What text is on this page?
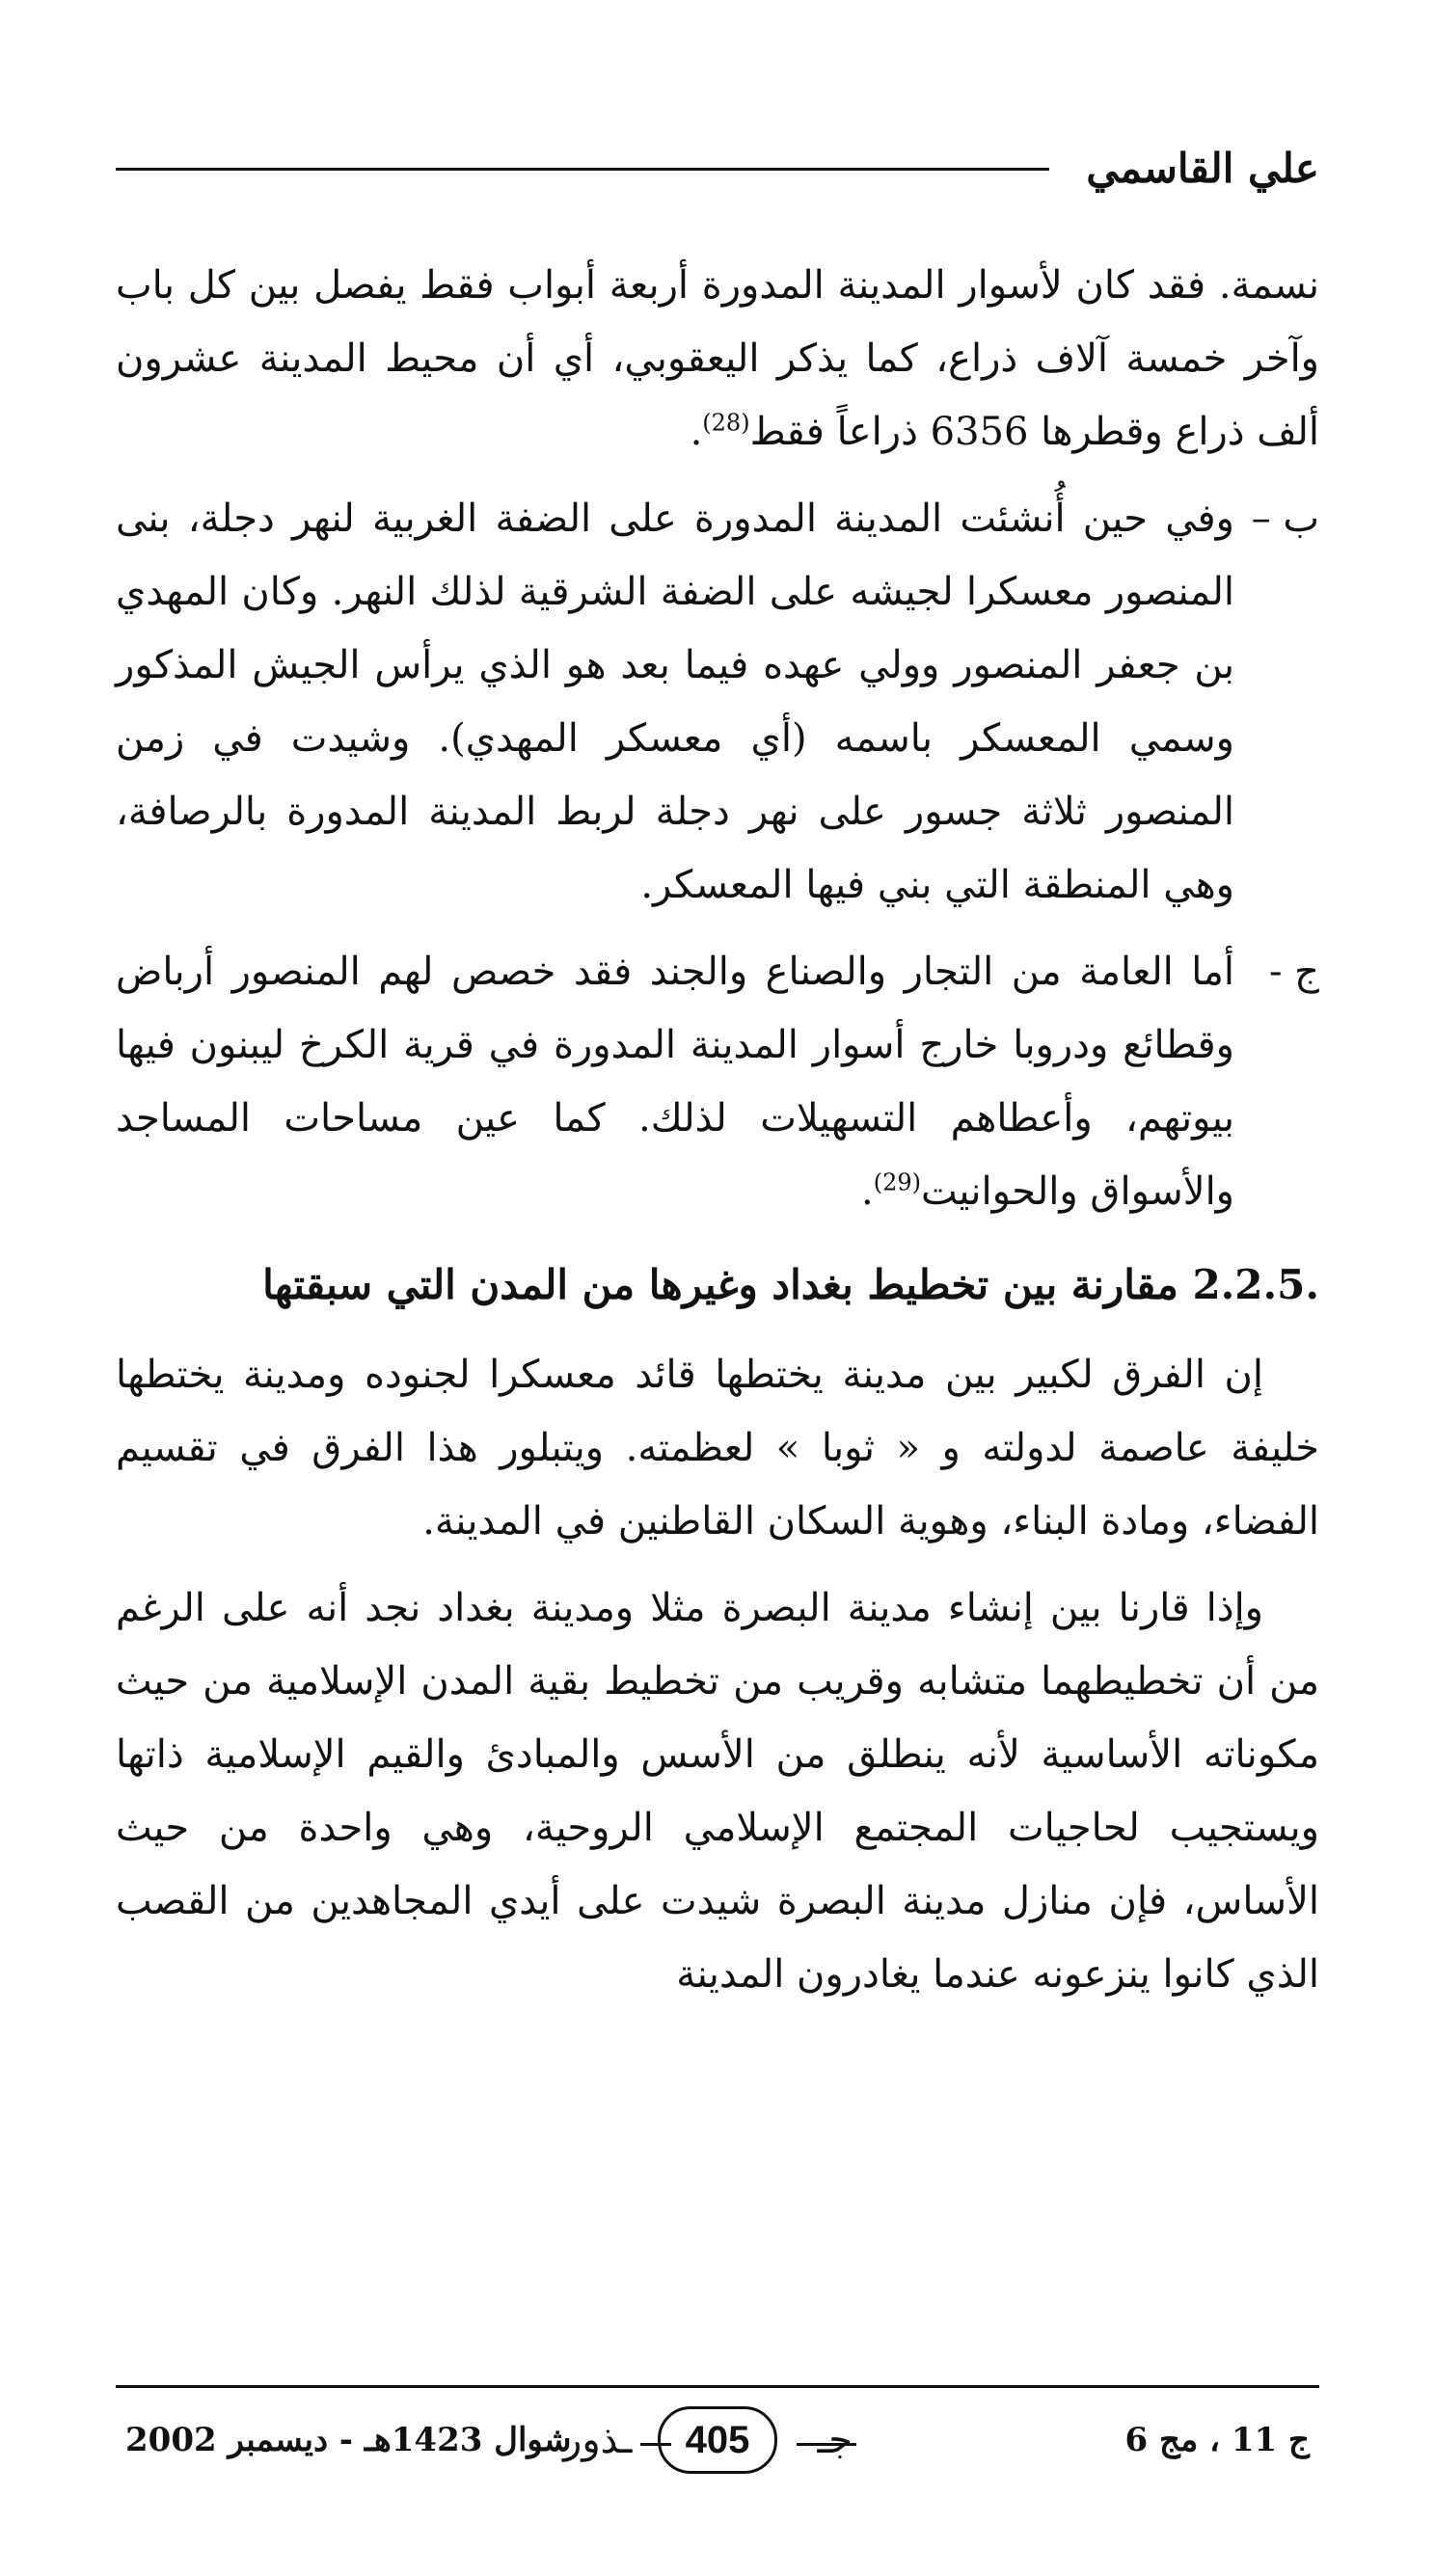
علي القاسمي

نسمة. فقد كان لأسوار المدينة المدورة أربعة أبواب فقط يفصل بين كل باب وآخر خمسة آلاف ذراع، كما يذكر اليعقوبي، أي أن محيط المدينة عشرون ألف ذراع وقطرها 6356 ذراعاً فقط$^{(28)}$.

ب –
وفي حين أُنشئت المدينة المدورة على الضفة الغربية لنهر دجلة، بنى المنصور معسكرا لجيشه على الضفة الشرقية لذلك النهر. وكان المهدي بن جعفر المنصور وولي عهده فيما بعد هو الذي يرأس الجيش المذكور وسمي المعسكر باسمه (أي معسكر المهدي). وشيدت في زمن المنصور ثلاثة جسور على نهر دجلة لربط المدينة المدورة بالرصافة، وهي المنطقة التي بني فيها المعسكر.
ج -
أما العامة من التجار والصناع والجند فقد خصص لهم المنصور أرباض وقطائع ودروبا خارج أسوار المدينة المدورة في قرية الكرخ ليبنون فيها بيوتهم، وأعطاهم التسهيلات لذلك. كما عين مساحات المساجد والأسواق والحوانيت$^{(29)}$.

2.2.5. مقارنة بين تخطيط بغداد وغيرها من المدن التي سبقتها

إن الفرق لكبير بين مدينة يختطها قائد معسكرا لجنوده ومدينة يختطها خليفة عاصمة لدولته و « ثوبا » لعظمته. ويتبلور هذا الفرق في تقسيم الفضاء، ومادة البناء، وهوية السكان القاطنين في المدينة.

وإذا قارنا بين إنشاء مدينة البصرة مثلا ومدينة بغداد نجد أنه على الرغم من أن تخطيطهما متشابه وقريب من تخطيط بقية المدن الإسلامية من حيث مكوناته الأساسية لأنه ينطلق من الأسس والمبادئ والقيم الإسلامية ذاتها ويستجيب لحاجيات المجتمع الإسلامي الروحية، وهي واحدة من حيث الأساس، فإن منازل مدينة البصرة شيدت على أيدي المجاهدين من القصب الذي كانوا ينزعونه عندما يغادرون المدينة

ج 11 ، مج 6
جـ
405
ـذور
شوال 1423هـ - ديسمبر 2002
